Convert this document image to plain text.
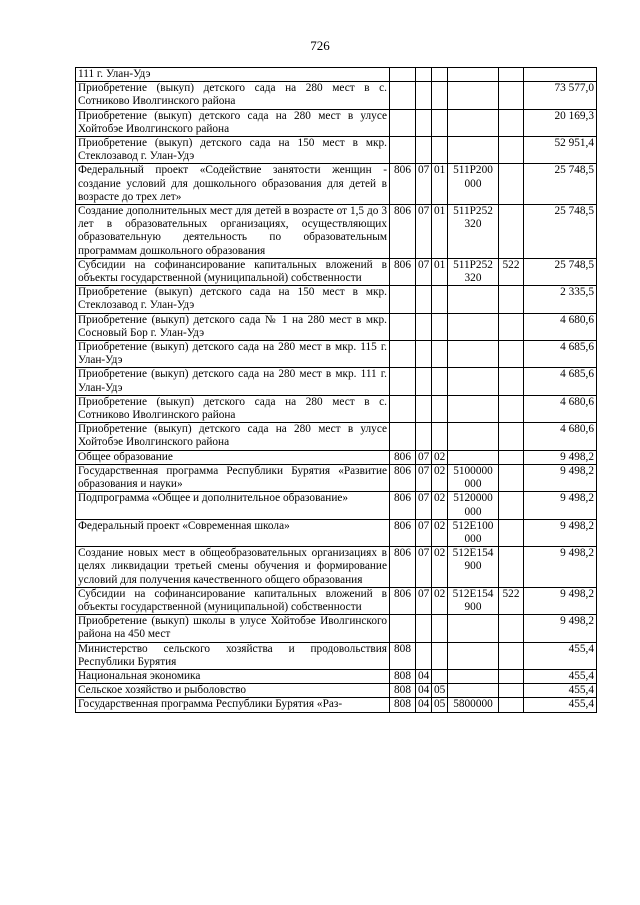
726
111 г. Улан-Удэ						
Приобретение (выкуп) детского сада на 280 мест в с. Сотниково Иволгинского района						73 577,0
Приобретение (выкуп) детского сада на 280 мест в улусе Хойтобэе Иволгинского района						20 169,3
Приобретение (выкуп) детского сада на 150 мест в мкр. Стеклозавод г. Улан-Удэ						52 951,4
Федеральный проект «Содействие занятости женщин - создание условий для дошкольного образования для детей в возрасте до трех лет»	806	07	01	511P200 000		25 748,5
Создание дополнительных мест для детей в возрасте от 1,5 до 3 лет в образовательных организациях, осуществляющих образовательную деятельность по образовательным программам дошкольного образования	806	07	01	511P252 320		25 748,5
Субсидии на софинансирование капитальных вложений в объекты государственной (муниципальной) собственности	806	07	01	511P252 320	522	25 748,5
Приобретение (выкуп) детского сада на 150 мест в мкр. Стеклозавод г. Улан-Удэ						2 335,5
Приобретение (выкуп) детского сада № 1 на 280 мест в мкр. Сосновый Бор г. Улан-Удэ						4 680,6
Приобретение (выкуп) детского сада на 280 мест в мкр. 115 г. Улан-Удэ						4 685,6
Приобретение (выкуп) детского сада на 280 мест в мкр. 111 г. Улан-Удэ						4 685,6
Приобретение (выкуп) детского сада на 280 мест в с. Сотниково Иволгинского района						4 680,6
Приобретение (выкуп) детского сада на 280 мест в улусе Хойтобэе Иволгинского района						4 680,6
Общее образование	806	07	02			9 498,2
Государственная программа Республики Бурятия «Развитие образования и науки»	806	07	02	5100000 000		9 498,2
Подпрограмма «Общее и дополнительное образование»	806	07	02	5120000 000		9 498,2
Федеральный проект «Современная школа»	806	07	02	512Е100 000		9 498,2
Создание новых мест в общеобразовательных организациях в целях ликвидации третьей смены обучения и формирование условий для получения качественного общего образования	806	07	02	512Е154 900		9 498,2
Субсидии на софинансирование капитальных вложений в объекты государственной (муниципальной) собственности	806	07	02	512Е154 900	522	9 498,2
Приобретение (выкуп) школы в улусе Хойтобэе Иволгинского района на 450 мест						9 498,2
Министерство сельского хозяйства и продовольствия Республики Бурятия	808					455,4
Национальная экономика	808	04				455,4
Сельское хозяйство и рыболовство	808	04	05			455,4
Государственная программа Республики Бурятия «Раз-	808	04	05	5800000		455,4
